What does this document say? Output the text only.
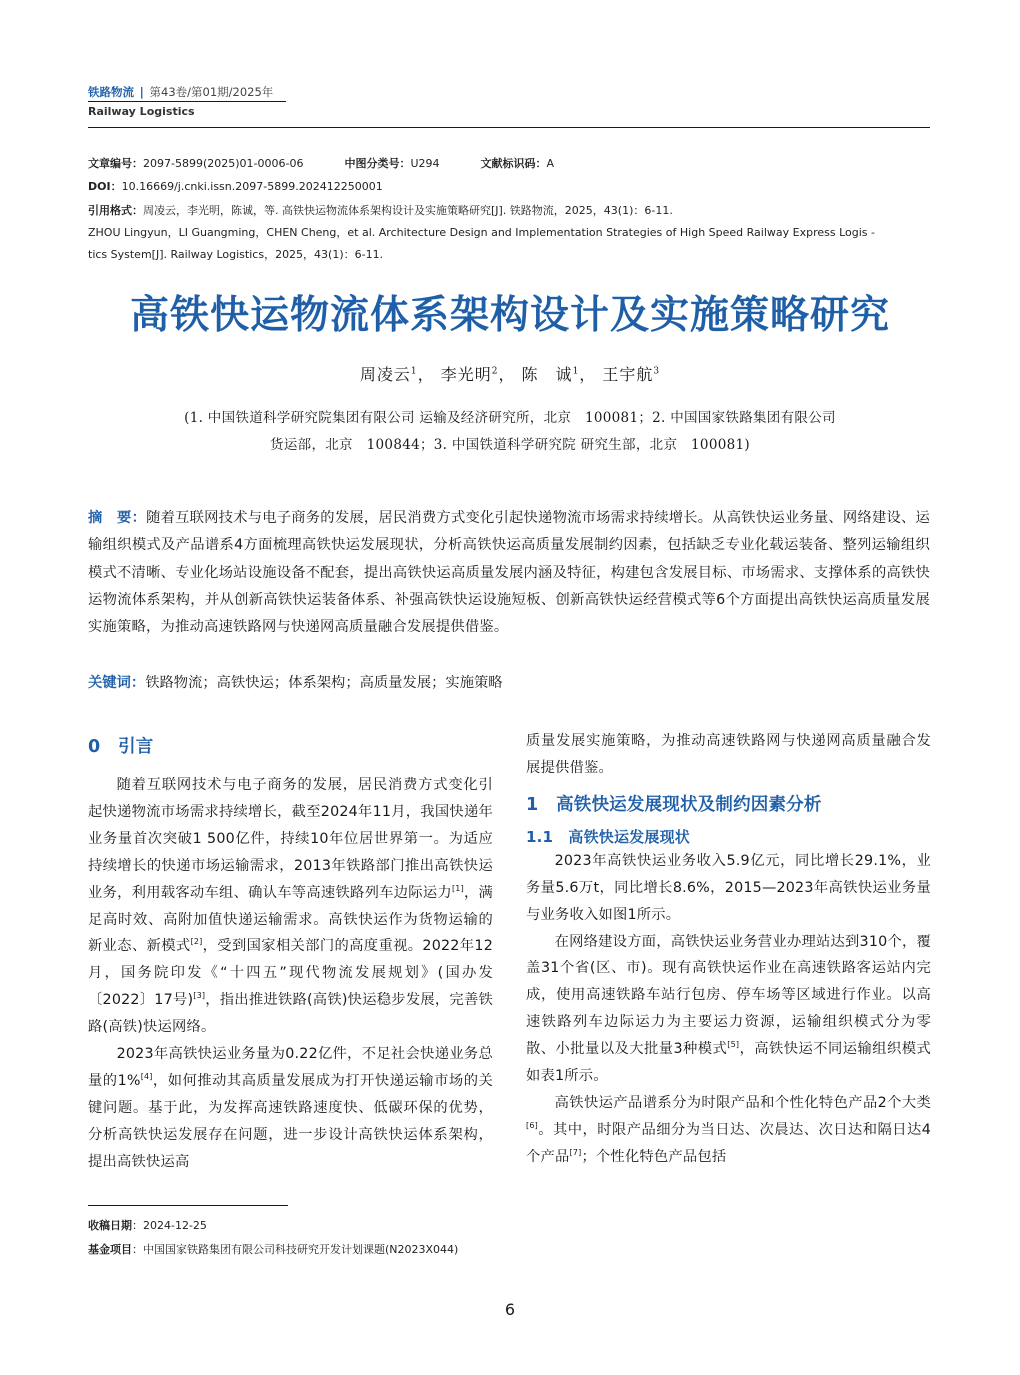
铁路物流 | 第43卷/第01期/2025年
Railway Logistics
文章编号：2097-5899(2025)01-0006-06	中图分类号：U294	文献标识码：A
DOI：10.16669/j.cnki.issn.2097-5899.202412250001
引用格式：周凌云，李光明，陈诚，等. 高铁快运物流体系架构设计及实施策略研究[J]. 铁路物流，2025，43(1)：6-11.
ZHOU Lingyun，LI Guangming，CHEN Cheng，et al. Architecture Design and Implementation Strategies of High Speed Railway Express Logis -
tics System[J]. Railway Logistics，2025，43(1)：6-11.
高铁快运物流体系架构设计及实施策略研究
周凌云$^1$， 李光明$^2$， 陈　诚$^1$， 王宇航$^3$
(1. 中国铁道科学研究院集团有限公司 运输及经济研究所，北京　100081；2. 中国国家铁路集团有限公司
货运部，北京　100844；3. 中国铁道科学研究院 研究生部，北京　100081)
摘　要：随着互联网技术与电子商务的发展，居民消费方式变化引起快递物流市场需求持续增长。从高铁快运业务量、网络建设、运输组织模式及产品谱系4方面梳理高铁快运发展现状，分析高铁快运高质量发展制约因素，包括缺乏专业化载运装备、整列运输组织模式不清晰、专业化场站设施设备不配套，提出高铁快运高质量发展内涵及特征，构建包含发展目标、市场需求、支撑体系的高铁快运物流体系架构，并从创新高铁快运装备体系、补强高铁快运设施短板、创新高铁快运经营模式等6个方面提出高铁快运高质量发展实施策略，为推动高速铁路网与快递网高质量融合发展提供借鉴。
关键词：铁路物流；高铁快运；体系架构；高质量发展；实施策略
0　引言

随着互联网技术与电子商务的发展，居民消费方式变化引起快递物流市场需求持续增长，截至2024年11月，我国快递年业务量首次突破1 500亿件，持续10年位居世界第一。为适应持续增长的快递市场运输需求，2013年铁路部门推出高铁快运业务，利用载客动车组、确认车等高速铁路列车边际运力[1]，满足高时效、高附加值快递运输需求。高铁快运作为货物运输的新业态、新模式[2]，受到国家相关部门的高度重视。2022年12月，国务院印发《“十四五”现代物流发展规划》(国办发〔2022〕17号)[3]，指出推进铁路(高铁)快运稳步发展，完善铁路(高铁)快运网络。

2023年高铁快运业务量为0.22亿件，不足社会快递业务总量的1%[4]，如何推动其高质量发展成为打开快递运输市场的关键问题。基于此，为发挥高速铁路速度快、低碳环保的优势，分析高铁快运发展存在问题，进一步设计高铁快运体系架构，提出高铁快运高

质量发展实施策略，为推动高速铁路网与快递网高质量融合发展提供借鉴。

1　高铁快运发展现状及制约因素分析
1.1　高铁快运发展现状

2023年高铁快运业务收入5.9亿元，同比增长29.1%，业务量5.6万t，同比增长8.6%，2015—2023年高铁快运业务量与业务收入如图1所示。

在网络建设方面，高铁快运业务营业办理站达到310个，覆盖31个省(区、市)。现有高铁快运作业在高速铁路客运站内完成，使用高速铁路车站行包房、停车场等区域进行作业。以高速铁路列车边际运力为主要运力资源，运输组织模式分为零散、小批量以及大批量3种模式[5]，高铁快运不同运输组织模式如表1所示。

高铁快运产品谱系分为时限产品和个性化特色产品2个大类[6]。其中，时限产品细分为当日达、次晨达、次日达和隔日达4个产品[7]；个性化特色产品包括

收稿日期：2024-12-25
基金项目：中国国家铁路集团有限公司科技研究开发计划课题(N2023X044)
6
